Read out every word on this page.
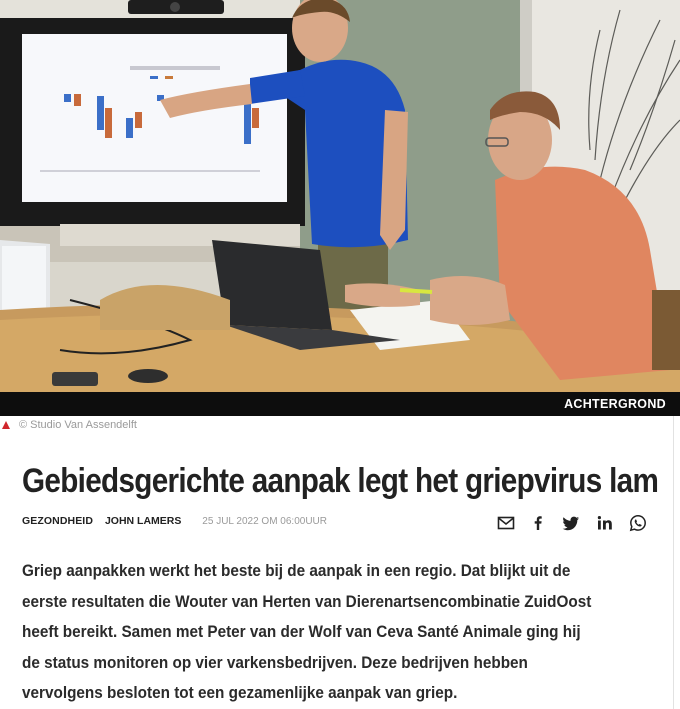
ACHTERGROND
© Studio Van Assendelft
Gebiedsgerichte aanpak legt het griepvirus lam
GEZONDHEID JOHN LAMERS 25 JUL 2022 OM 06:00UUR

Griep aanpakken werkt het beste bij de aanpak in een regio. Dat blijkt uit de eerste resultaten die Wouter van Herten van Dierenartsencombinatie ZuidOost heeft bereikt. Samen met Peter van der Wolf van Ceva Santé Animale ging hij de status monitoren op vier varkensbedrijven. Deze bedrijven hebben vervolgens besloten tot een gezamenlijke aanpak van griep.
